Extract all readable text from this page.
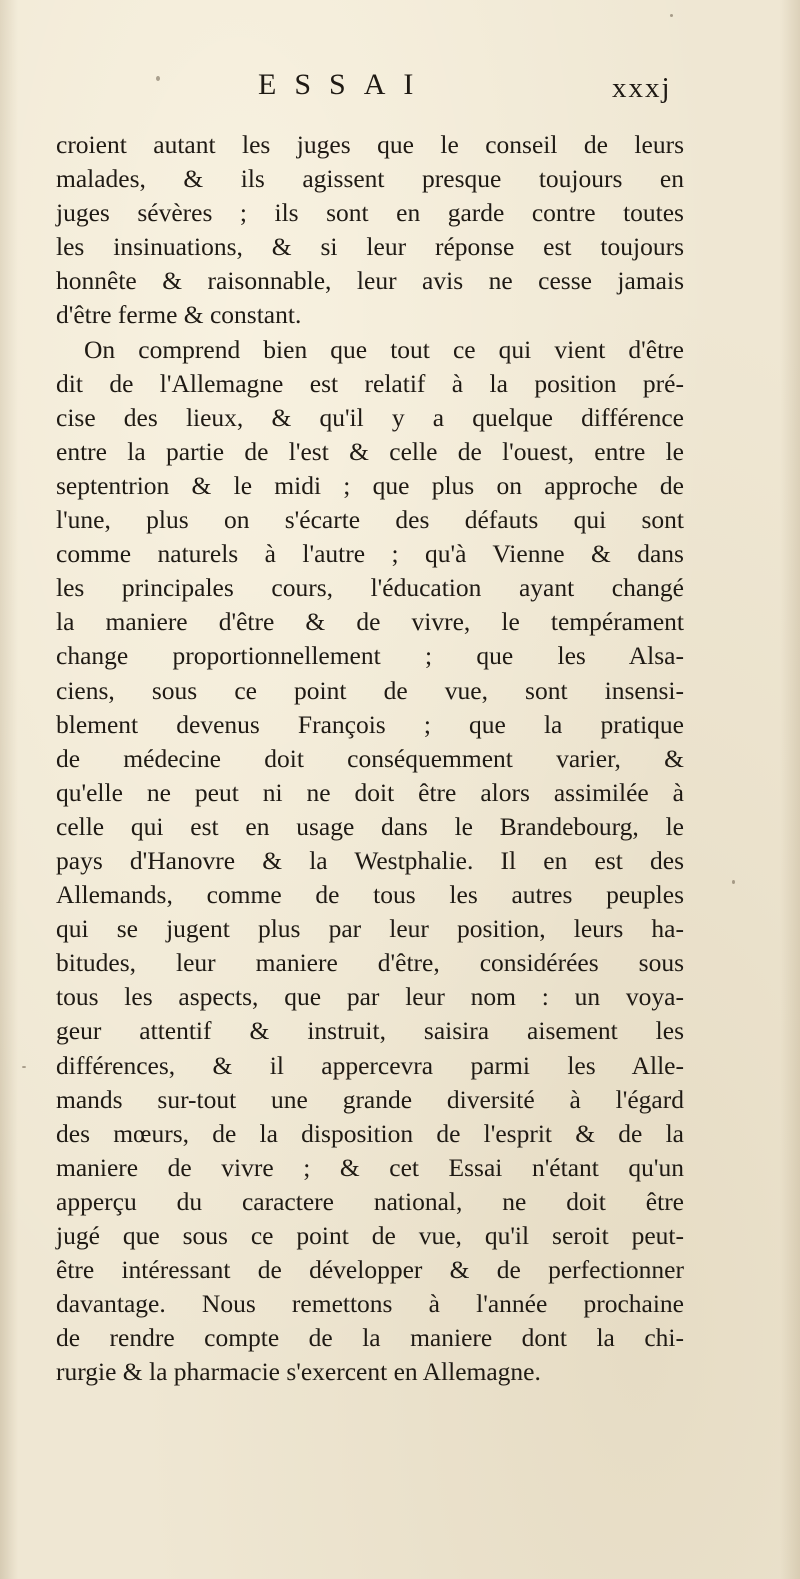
ESSAI	xxxj
croient autant les juges que le conseil de leurs
malades, & ils agissent presque toujours en
juges sévères ; ils sont en garde contre toutes
les insinuations, & si leur réponse est toujours
honnête & raisonnable, leur avis ne cesse jamais
d'être ferme & constant.
On comprend bien que tout ce qui vient d'être
dit de l'Allemagne est relatif à la position pré-
cise des lieux, & qu'il y a quelque différence
entre la partie de l'est & celle de l'ouest, entre le
septentrion & le midi ; que plus on approche de
l'une, plus on s'écarte des défauts qui sont
comme naturels à l'autre ; qu'à Vienne & dans
les principales cours, l'éducation ayant changé
la maniere d'être & de vivre, le tempérament
change proportionnellement ; que les Alsa-
ciens, sous ce point de vue, sont insensi-
blement devenus François ; que la pratique
de médecine doit conséquemment varier, &
qu'elle ne peut ni ne doit être alors assimilée à
celle qui est en usage dans le Brandebourg, le
pays d'Hanovre & la Westphalie. Il en est des
Allemands, comme de tous les autres peuples
qui se jugent plus par leur position, leurs ha-
bitudes, leur maniere d'être, considérées sous
tous les aspects, que par leur nom : un voya-
geur attentif & instruit, saisira aisement les
différences, & il appercevra parmi les Alle-
mands sur-tout une grande diversité à l'égard
des mœurs, de la disposition de l'esprit & de la
maniere de vivre ; & cet Essai n'étant qu'un
apperçu du caractere national, ne doit être
jugé que sous ce point de vue, qu'il seroit peut-
être intéressant de développer & de perfectionner
davantage. Nous remettons à l'année prochaine
de rendre compte de la maniere dont la chi-
rurgie & la pharmacie s'exercent en Allemagne.
